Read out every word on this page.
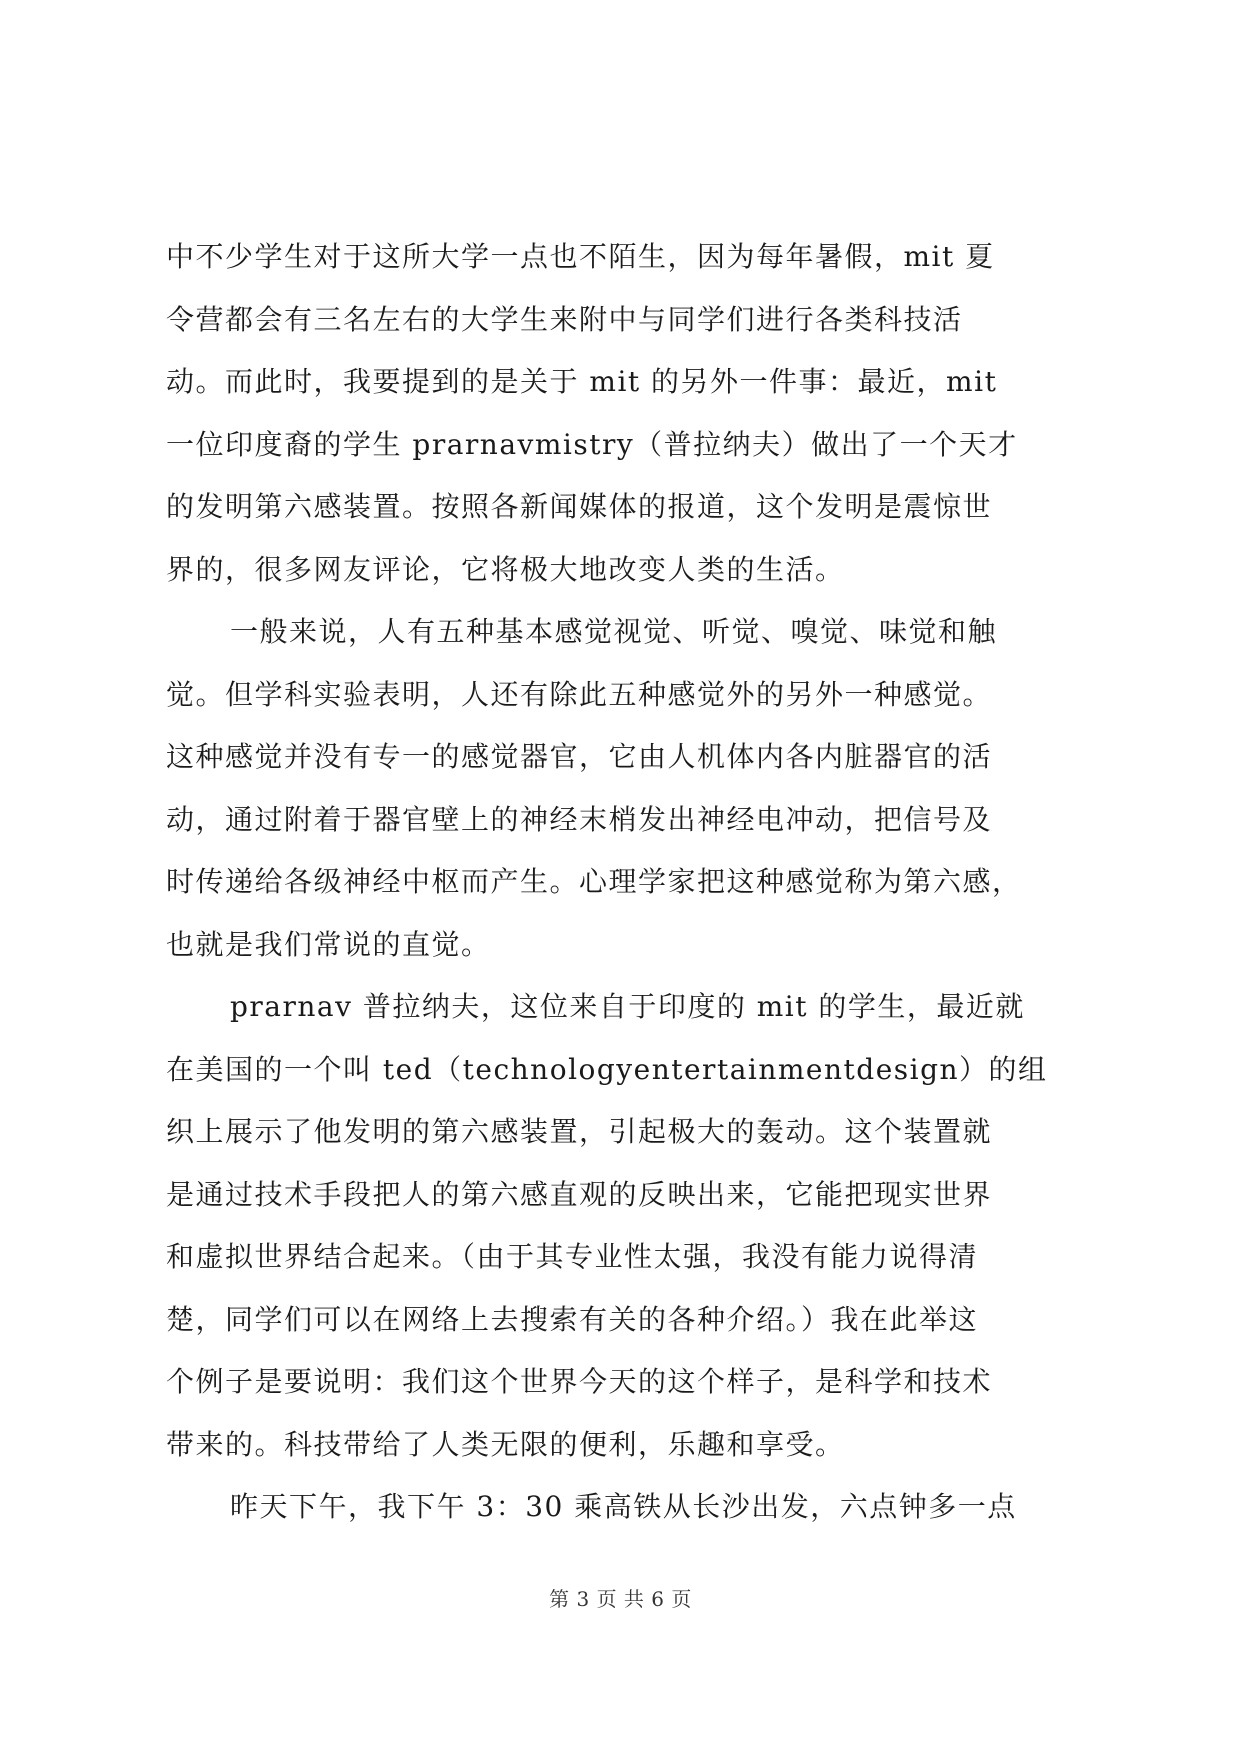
中不少学生对于这所大学一点也不陌生，因为每年暑假，mit 夏
令营都会有三名左右的大学生来附中与同学们进行各类科技活
动。而此时，我要提到的是关于 mit 的另外一件事：最近，mit
一位印度裔的学生 prarnavmistry（普拉纳夫）做出了一个天才
的发明第六感装置。按照各新闻媒体的报道，这个发明是震惊世
界的，很多网友评论，它将极大地改变人类的生活。
一般来说，人有五种基本感觉视觉、听觉、嗅觉、味觉和触
觉。但学科实验表明，人还有除此五种感觉外的另外一种感觉。
这种感觉并没有专一的感觉器官，它由人机体内各内脏器官的活
动，通过附着于器官壁上的神经末梢发出神经电冲动，把信号及
时传递给各级神经中枢而产生。心理学家把这种感觉称为第六感，
也就是我们常说的直觉。
prarnav 普拉纳夫，这位来自于印度的 mit 的学生，最近就
在美国的一个叫 ted（technologyentertainmentdesign）的组
织上展示了他发明的第六感装置，引起极大的轰动。这个装置就
是通过技术手段把人的第六感直观的反映出来，它能把现实世界
和虚拟世界结合起来。（由于其专业性太强，我没有能力说得清
楚，同学们可以在网络上去搜索有关的各种介绍。）我在此举这
个例子是要说明：我们这个世界今天的这个样子，是科学和技术
带来的。科技带给了人类无限的便利，乐趣和享受。
昨天下午，我下午 3：30 乘高铁从长沙出发，六点钟多一点
第 3 页 共 6 页
